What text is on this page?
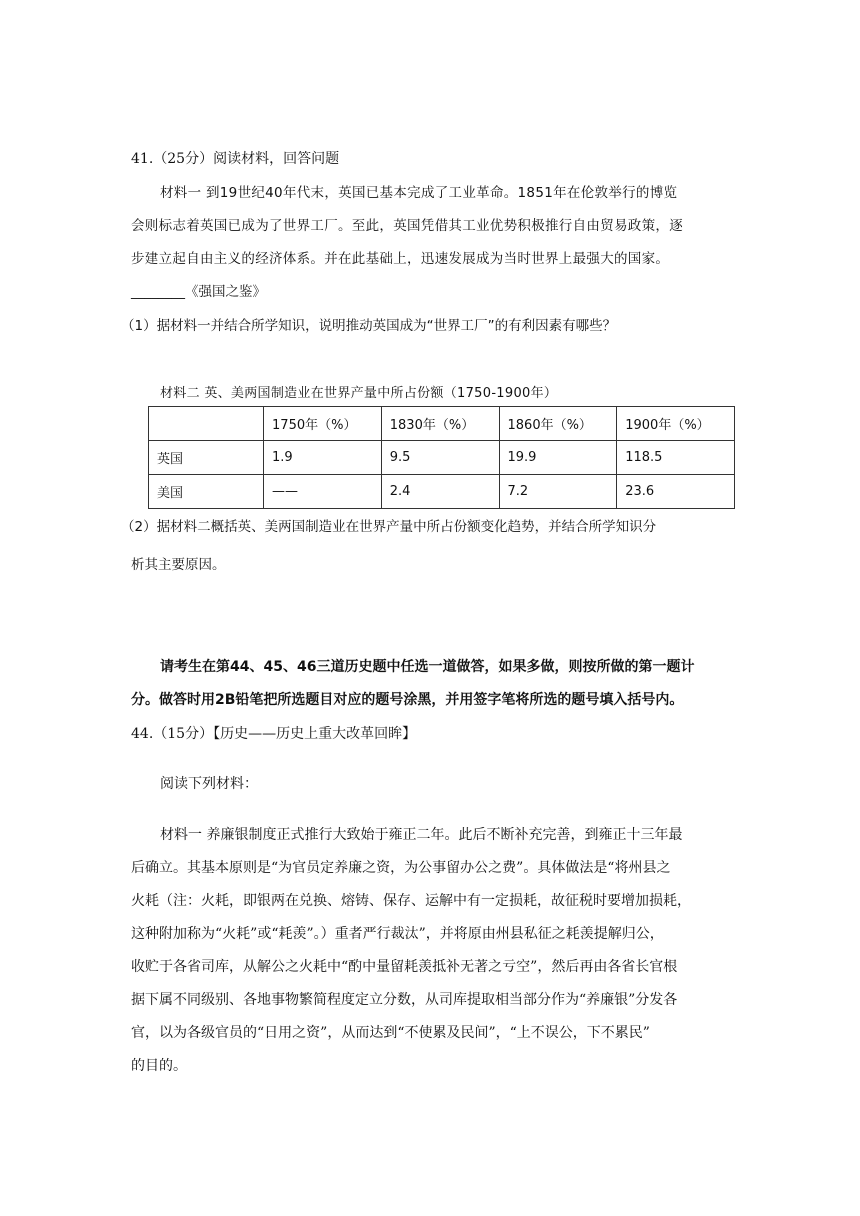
41.（25分）阅读材料，回答问题
材料一 到19世纪40年代末，英国已基本完成了工业革命。1851年在伦敦举行的博览
会则标志着英国已成为了世界工厂。至此，英国凭借其工业优势积极推行自由贸易政策，逐
步建立起自由主义的经济体系。并在此基础上，迅速发展成为当时世界上最强大的国家。
________《强国之鉴》
（1）据材料一并结合所学知识，说明推动英国成为“世界工厂”的有利因素有哪些？
材料二 英、美两国制造业在世界产量中所占份额（1750-1900年）
	1750年（%）	1830年（%）	1860年（%）	1900年（%）
英国	1.9	9.5	19.9	118.5
美国	——	2.4	7.2	23.6
（2）据材料二概括英、美两国制造业在世界产量中所占份额变化趋势，并结合所学知识分
析其主要原因。
请考生在第44、45、46三道历史题中任选一道做答，如果多做，则按所做的第一题计
分。做答时用2B铅笔把所选题目对应的题号涂黑，并用签字笔将所选的题号填入括号内。
44.（15分）【历史——历史上重大改革回眸】
阅读下列材料：
材料一 养廉银制度正式推行大致始于雍正二年。此后不断补充完善，到雍正十三年最
后确立。其基本原则是“为官员定养廉之资，为公事留办公之费”。具体做法是“将州县之
火耗（注：火耗，即银两在兑换、熔铸、保存、运解中有一定损耗，故征税时要增加损耗，
这种附加称为“火耗”或“耗羡”。）重者严行裁汰”，并将原由州县私征之耗羡提解归公，
收贮于各省司库，从解公之火耗中“酌中量留耗羡抵补无著之亏空”，然后再由各省长官根
据下属不同级别、各地事物繁简程度定立分数，从司库提取相当部分作为“养廉银”分发各
官，以为各级官员的“日用之资”，从而达到“不使累及民间”，“上不误公，下不累民”
的目的。
